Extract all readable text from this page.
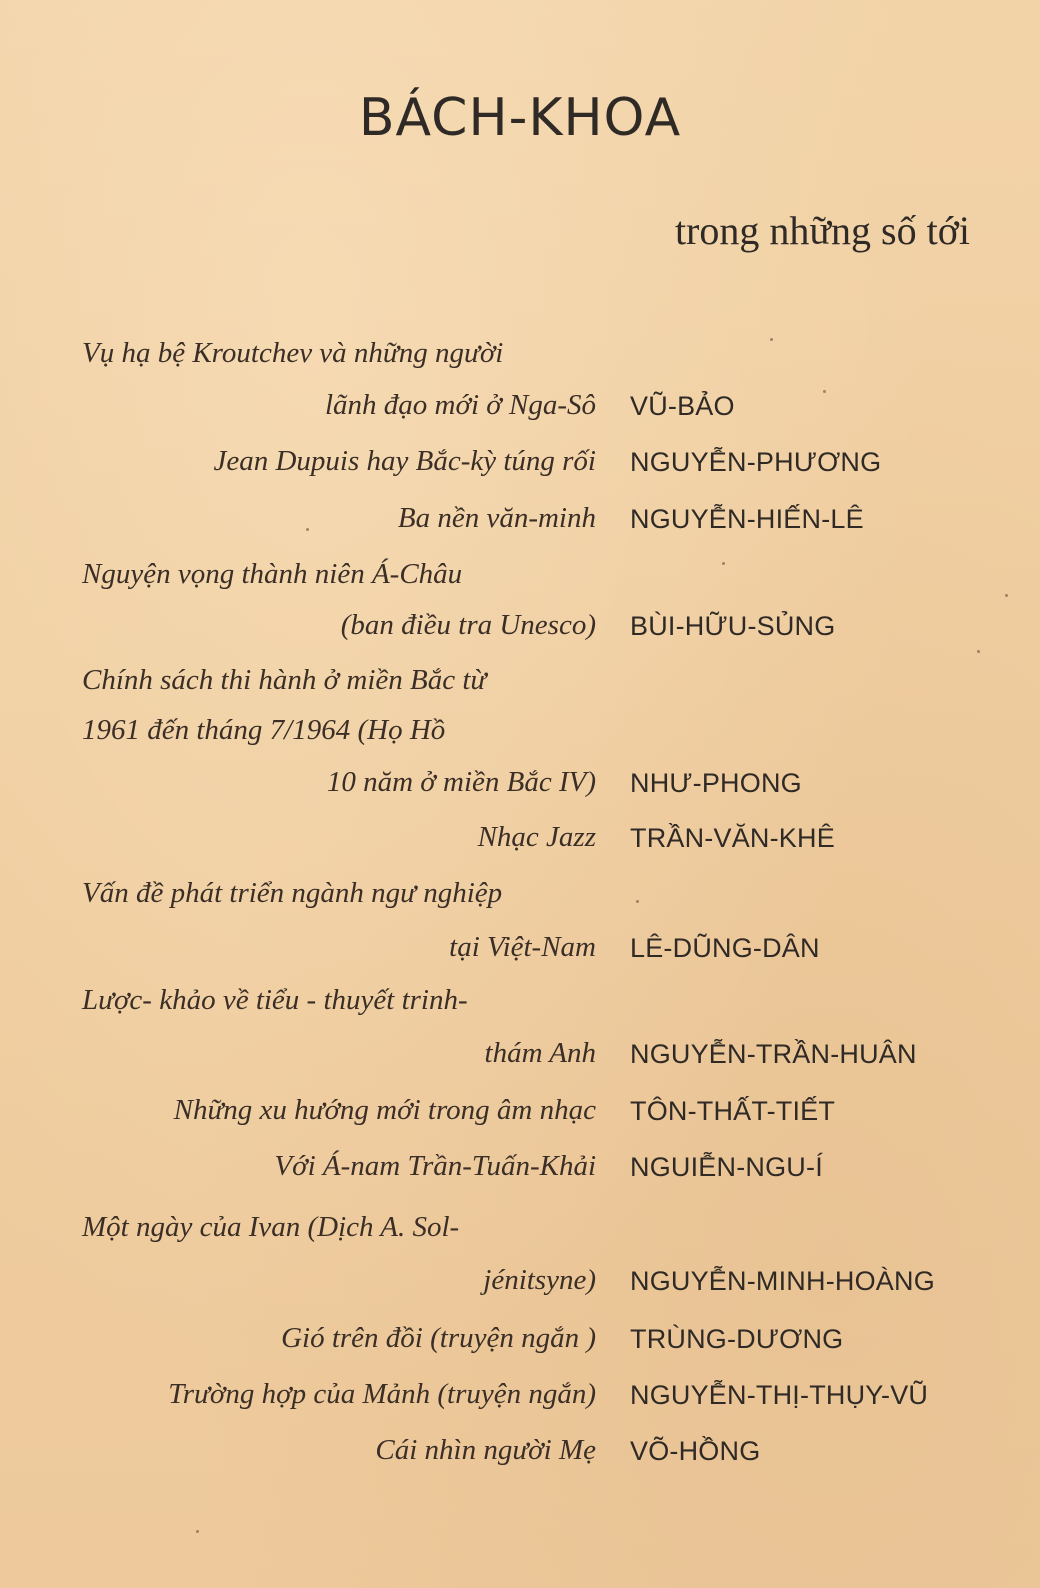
BÁCH-KHOA
trong những số tới
Vụ hạ bệ Kroutchev và những người
lãnh đạo mới ở Nga-Sô VŨ-BẢO
Jean Dupuis hay Bắc-kỳ túng rối NGUYỄN-PHƯƠNG
Ba nền văn-minh NGUYỄN-HIẾN-LÊ
Nguyện vọng thành niên Á-Châu
(ban điều tra Unesco) BÙI-HỮU-SỦNG
Chính sách thi hành ở miền Bắc từ
1961 đến tháng 7/1964 (Họ Hồ
10 năm ở miền Bắc IV) NHƯ-PHONG
Nhạc Jazz TRẦN-VĂN-KHÊ
Vấn đề phát triển ngành ngư nghiệp
tại Việt-Nam LÊ-DŨNG-DÂN
Lược- khảo về tiểu - thuyết trinh-
thám Anh NGUYỄN-TRẦN-HUÂN
Những xu hướng mới trong âm nhạc TÔN-THẤT-TIẾT
Với Á-nam Trần-Tuấn-Khải NGUIỄN-NGU-Í
Một ngày của Ivan (Dịch A. Sol-
jénitsyne) NGUYỄN-MINH-HOÀNG
Gió trên đồi (truyện ngắn ) TRÙNG-DƯƠNG
Trường hợp của Mảnh (truyện ngắn) NGUYỄN-THỊ-THỤY-VŨ
Cái nhìn người Mẹ VÕ-HỒNG
